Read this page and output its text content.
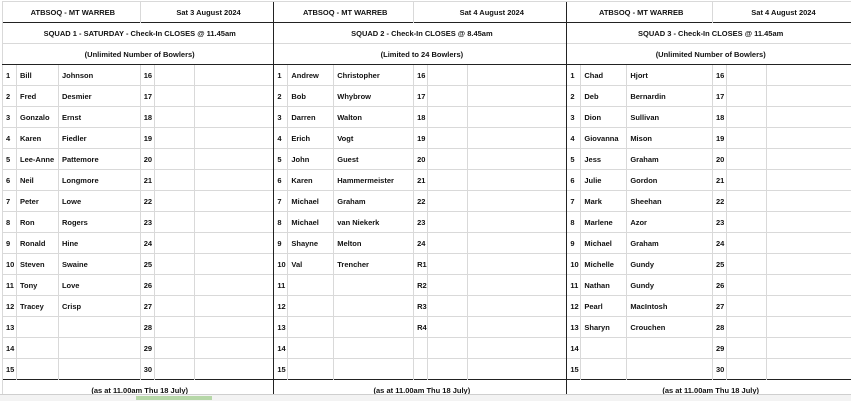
ATBSOQ - MT WARREB			Sat 3 August 2024			ATBSOQ - MT WARREB			Sat 4 August 2024			ATBSOQ - MT WARREB			Sat 4 August 2024		
SQUAD 1 - SATURDAY - Check-In CLOSES @ 11.45am						SQUAD 2 - Check-In CLOSES @ 8.45am						SQUAD 3 - Check-In CLOSES @ 11.45am					
(Unlimited Number of Bowlers)						(Limited to 24 Bowlers)						(Unlimited Number of Bowlers)					
1	Bill	Johnson	16			1	Andrew	Christopher	16			1	Chad	Hjort	16		
2	Fred	Desmier	17			2	Bob	Whybrow	17			2	Deb	Bernardin	17		
3	Gonzalo	Ernst	18			3	Darren	Walton	18			3	Dion	Sullivan	18		
4	Karen	Fiedler	19			4	Erich	Vogt	19			4	Giovanna	Mison	19		
5	Lee-Anne	Pattemore	20			5	John	Guest	20			5	Jess	Graham	20		
6	Neil	Longmore	21			6	Karen	Hammermeister	21			6	Julie	Gordon	21		
7	Peter	Lowe	22			7	Michael	Graham	22			7	Mark	Sheehan	22		
8	Ron	Rogers	23			8	Michael	van Niekerk	23			8	Marlene	Azor	23		
9	Ronald	Hine	24			9	Shayne	Melton	24			9	Michael	Graham	24		
10	Steven	Swaine	25			10	Val	Trencher	R1			10	Michelle	Gundy	25		
11	Tony	Love	26			11			R2			11	Nathan	Gundy	26		
12	Tracey	Crisp	27			12			R3			12	Pearl	MacIntosh	27		
13			28			13			R4			13	Sharyn	Crouchen	28		
14			29			14						14			29		
15			30			15						15			30		
(as at 11.00am Thu 18 July)						(as at 11.00am Thu 18 July)						(as at 11.00am Thu 18 July)					
